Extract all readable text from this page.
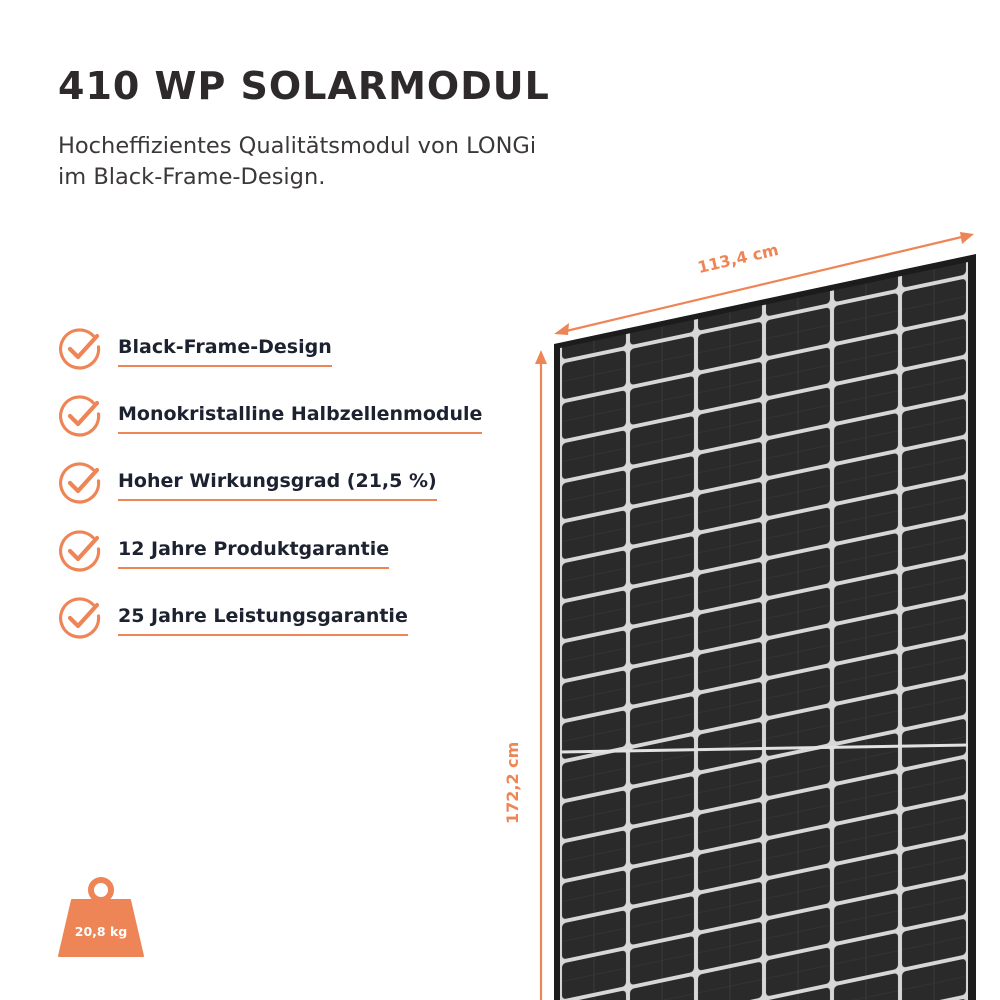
410 WP SOLARMODUL

Hocheffizientes Qualitätsmodul von LONGi
im Black-Frame-Design.

Black-Frame-Design
Monokristalline Halbzellenmodule
Hoher Wirkungsgrad (21,5 %)
12 Jahre Produktgarantie
25 Jahre Leistungsgarantie
20,8 kg
113,4 cm
172,2 cm
